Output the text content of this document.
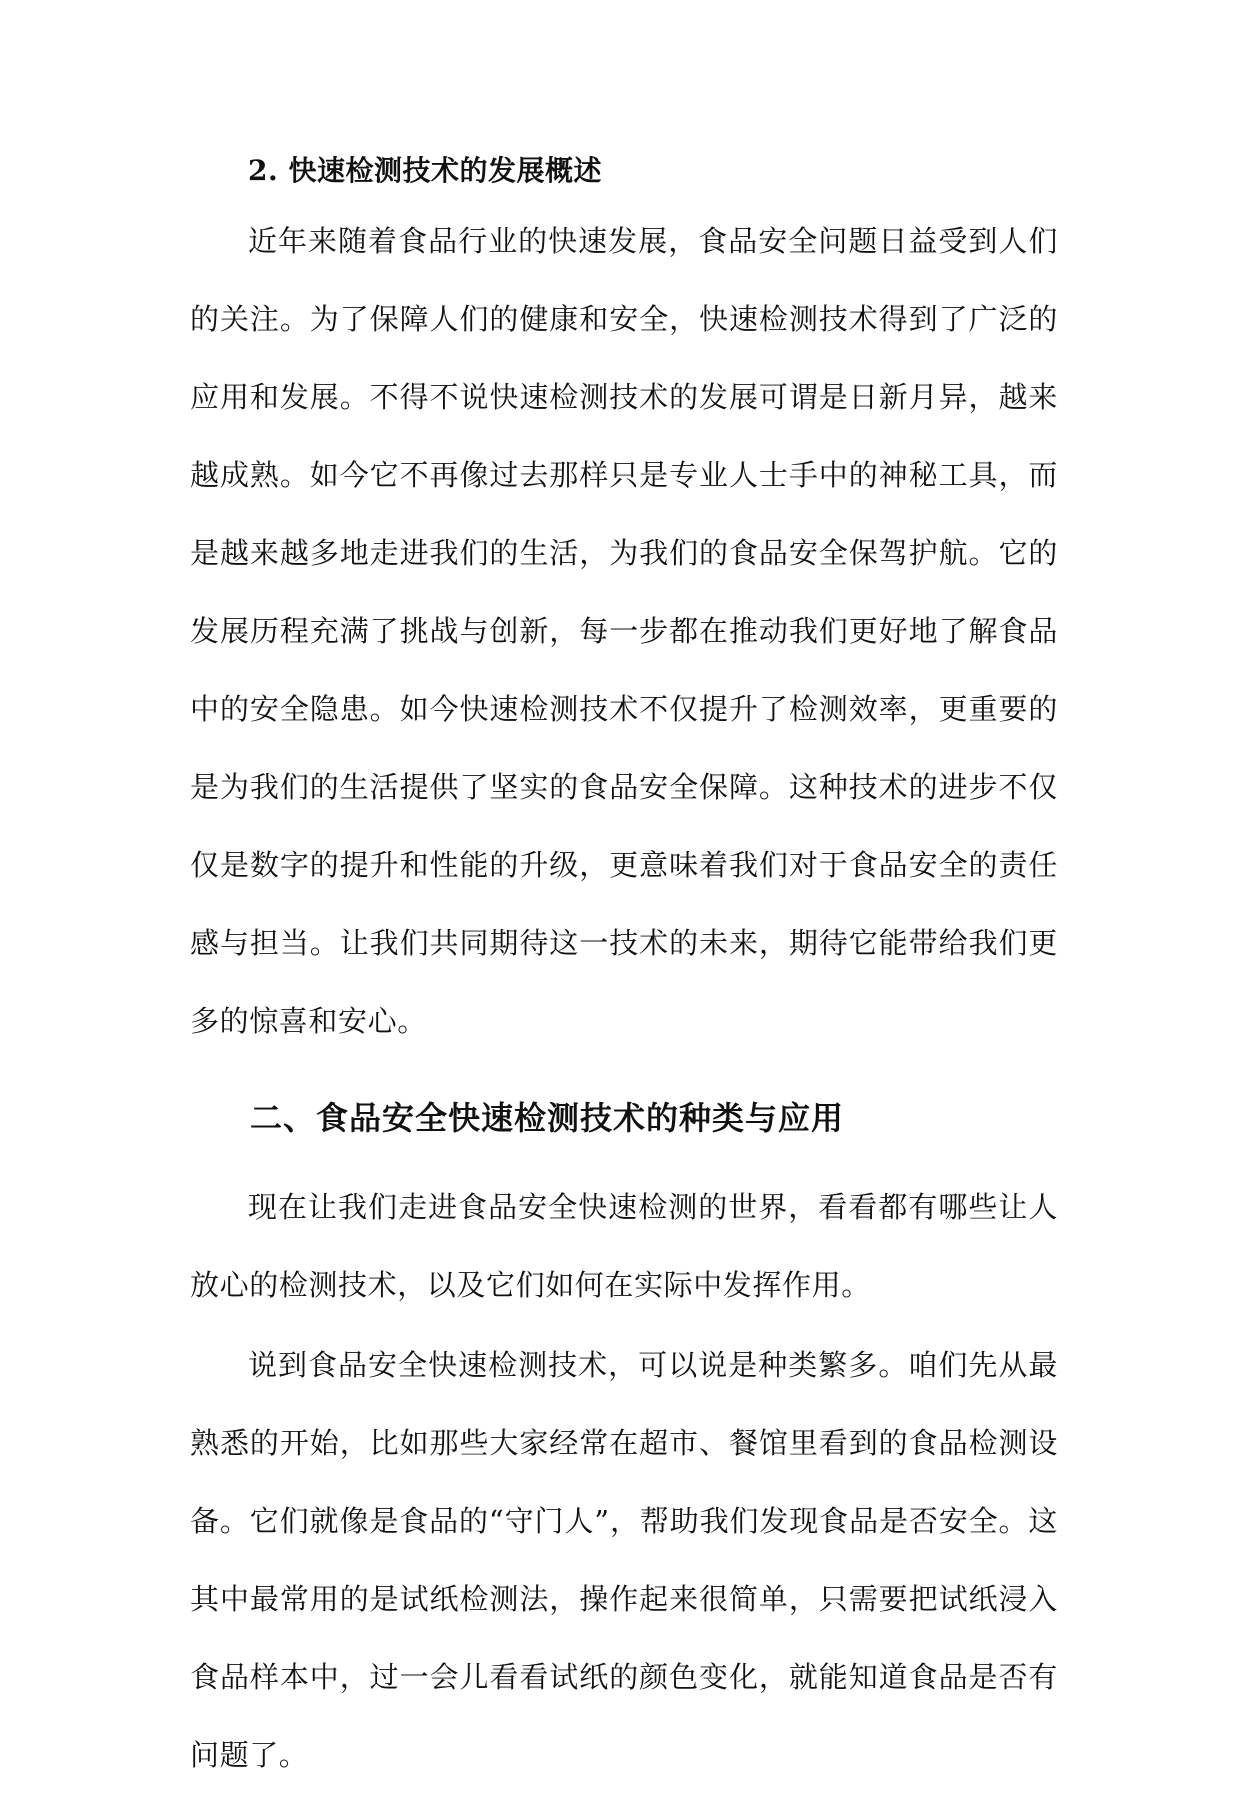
2. 快速检测技术的发展概述

近年来随着食品行业的快速发展，食品安全问题日益受到人们的关注。为了保障人们的健康和安全，快速检测技术得到了广泛的应用和发展。不得不说快速检测技术的发展可谓是日新月异，越来越成熟。如今它不再像过去那样只是专业人士手中的神秘工具，而是越来越多地走进我们的生活，为我们的食品安全保驾护航。它的发展历程充满了挑战与创新，每一步都在推动我们更好地了解食品中的安全隐患。如今快速检测技术不仅提升了检测效率，更重要的是为我们的生活提供了坚实的食品安全保障。这种技术的进步不仅仅是数字的提升和性能的升级，更意味着我们对于食品安全的责任感与担当。让我们共同期待这一技术的未来，期待它能带给我们更多的惊喜和安心。

二、食品安全快速检测技术的种类与应用

现在让我们走进食品安全快速检测的世界，看看都有哪些让人放心的检测技术，以及它们如何在实际中发挥作用。

说到食品安全快速检测技术，可以说是种类繁多。咱们先从最熟悉的开始，比如那些大家经常在超市、餐馆里看到的食品检测设备。它们就像是食品的“守门人”，帮助我们发现食品是否安全。这其中最常用的是试纸检测法，操作起来很简单，只需要把试纸浸入食品样本中，过一会儿看看试纸的颜色变化，就能知道食品是否有问题了。
